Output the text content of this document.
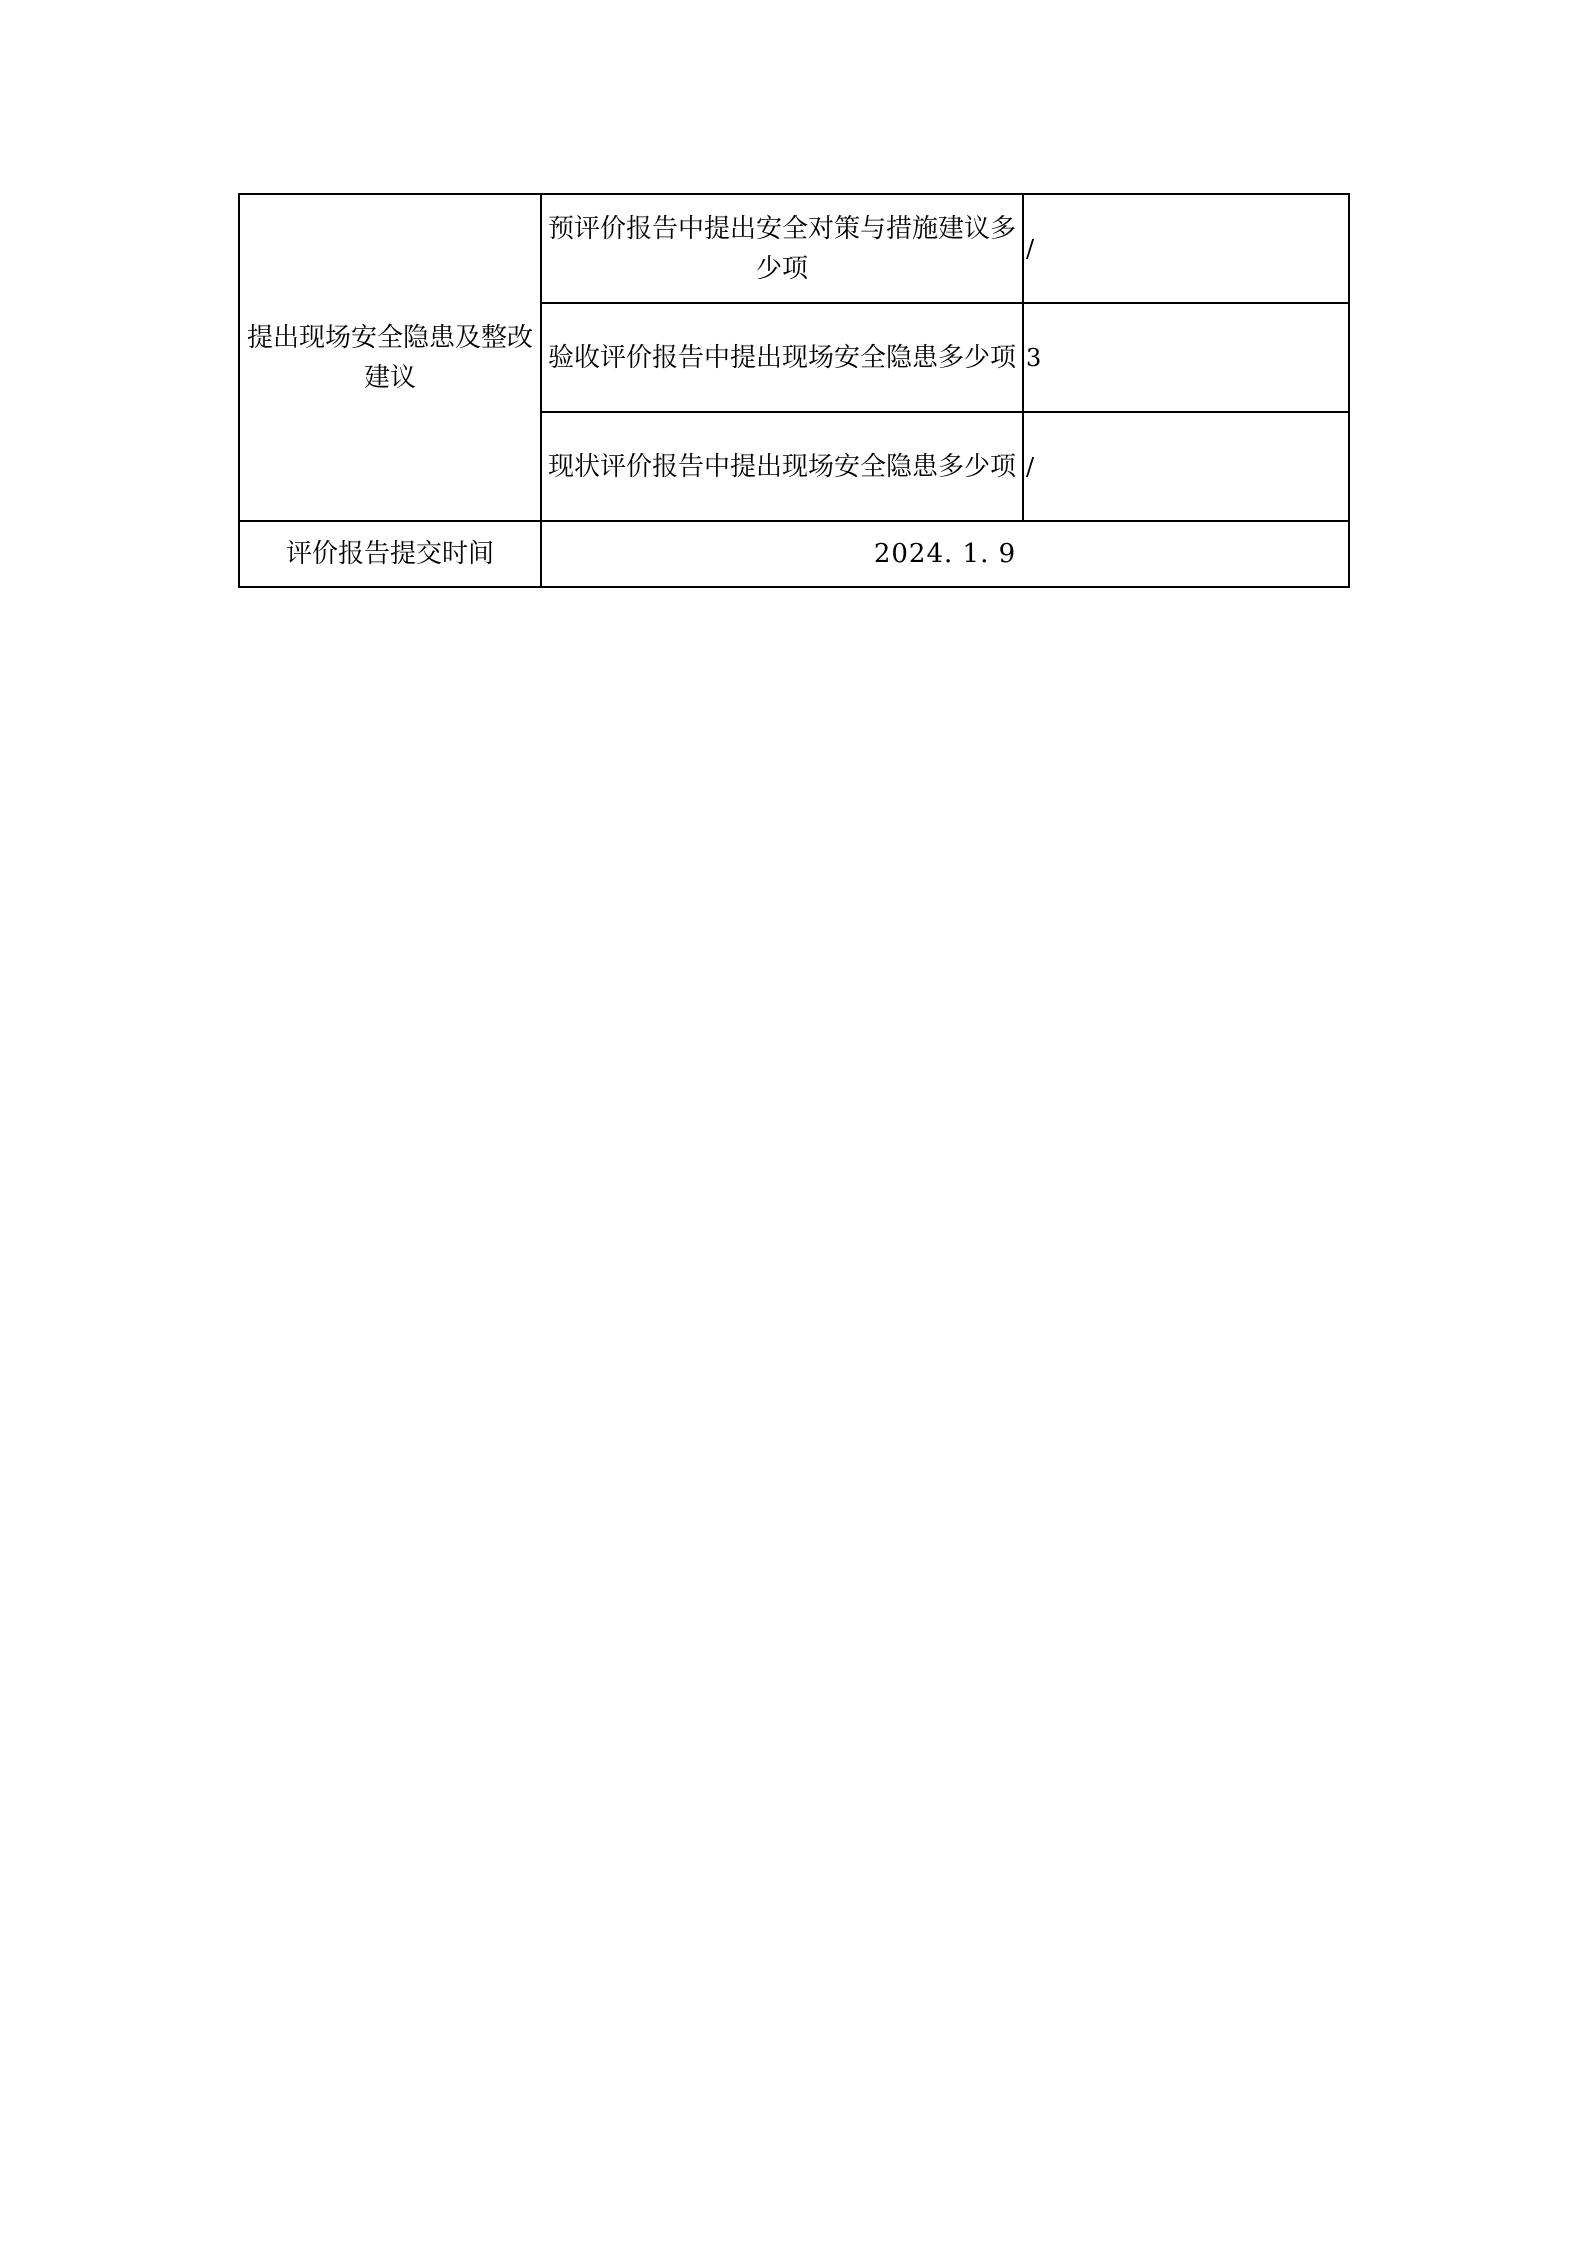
提出现场安全隐患及整改建议	预评价报告中提出安全对策与措施建议多少项	/
	验收评价报告中提出现场安全隐患多少项	3
	现状评价报告中提出现场安全隐患多少项	/
评价报告提交时间	2024. 1. 9	
